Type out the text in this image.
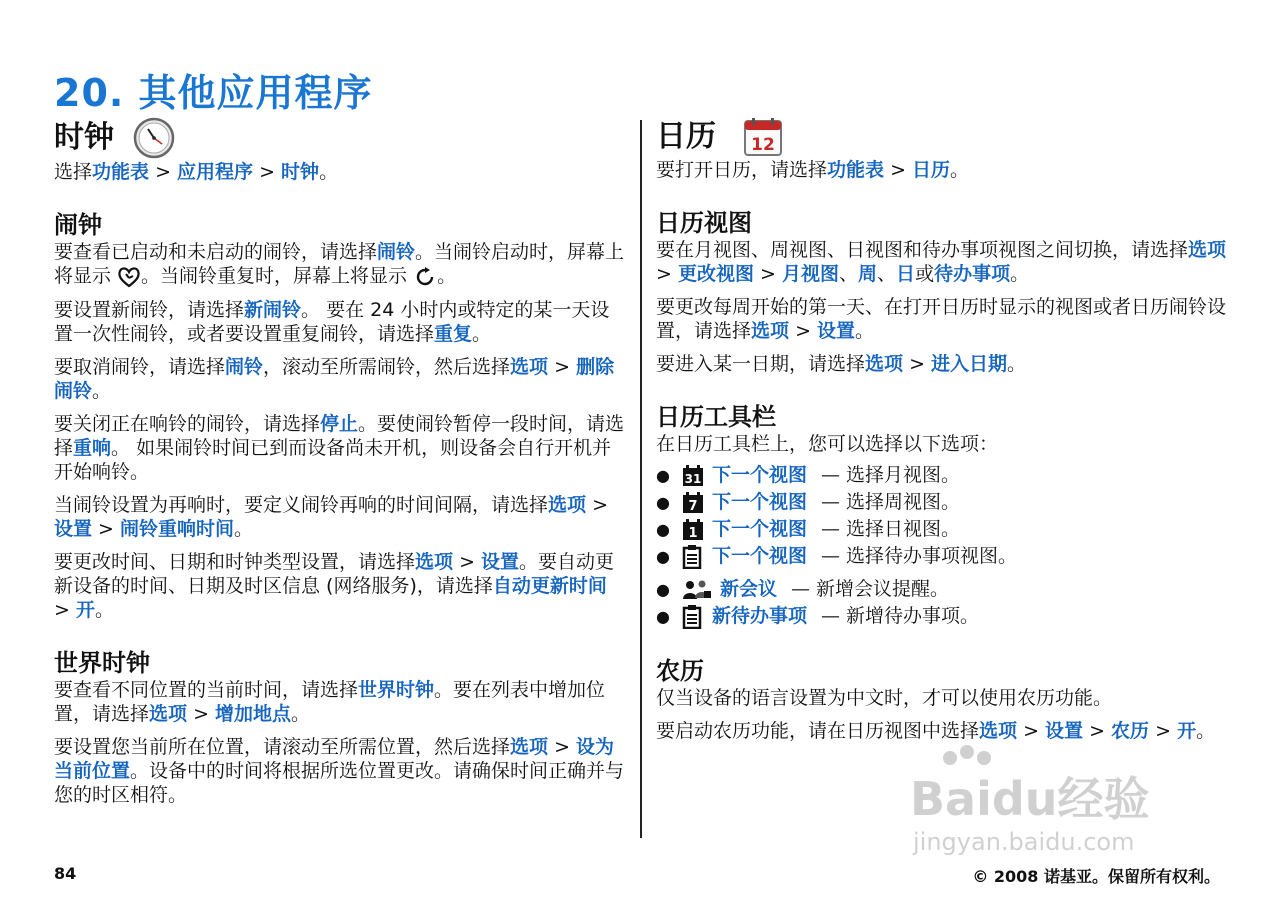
20. 其他应用程序
时钟

选择功能表 > 应用程序 > 时钟。

闹钟

要查看已启动和未启动的闹铃，请选择闹铃。当闹铃启动时，屏幕上将显示 。当闹铃重复时，屏幕上将显示 。

要设置新闹铃，请选择新闹铃。 要在 24 小时内或特定的某一天设置一次性闹铃，或者要设置重复闹铃，请选择重复。

要取消闹铃，请选择闹铃，滚动至所需闹铃，然后选择选项 > 删除闹铃。

要关闭正在响铃的闹铃，请选择停止。要使闹铃暂停一段时间，请选择重响。 如果闹铃时间已到而设备尚未开机，则设备会自行开机并开始响铃。

当闹铃设置为再响时，要定义闹铃再响的时间间隔，请选择选项 > 设置 > 闹铃重响时间。

要更改时间、日期和时钟类型设置，请选择选项 > 设置。要自动更新设备的时间、日期及时区信息 (网络服务)，请选择自动更新时间 > 开。

世界时钟

要查看不同位置的当前时间，请选择世界时钟。要在列表中增加位置，请选择选项 > 增加地点。

要设置您当前所在位置，请滚动至所需位置，然后选择选项 > 设为当前位置。设备中的时间将根据所选位置更改。请确保时间正确并与您的时区相符。

日历 12

要打开日历，请选择功能表 > 日历。

日历视图

要在月视图、周视图、日视图和待办事项视图之间切换，请选择选项 > 更改视图 > 月视图、周、日或待办事项。

要更改每周开始的第一天、在打开日历时显示的视图或者日历闹铃设置，请选择选项 > 设置。

要进入某一日期，请选择选项 > 进入日期。

日历工具栏

在日历工具栏上，您可以选择以下选项：

●	31 下一个视图 — 选择月视图。
●	7 下一个视图 — 选择周视图。
●	1 下一个视图 — 选择日视图。
●	下一个视图 — 选择待办事项视图。
●	新会议 — 新增会议提醒。
●	新待办事项 — 新增待办事项。
农历

仅当设备的语言设置为中文时，才可以使用农历功能。

要启动农历功能，请在日历视图中选择选项 > 设置 > 农历 > 开。

Baidu经验
jingyan.baidu.com
84	© 2008 诺基亚。保留所有权利。
